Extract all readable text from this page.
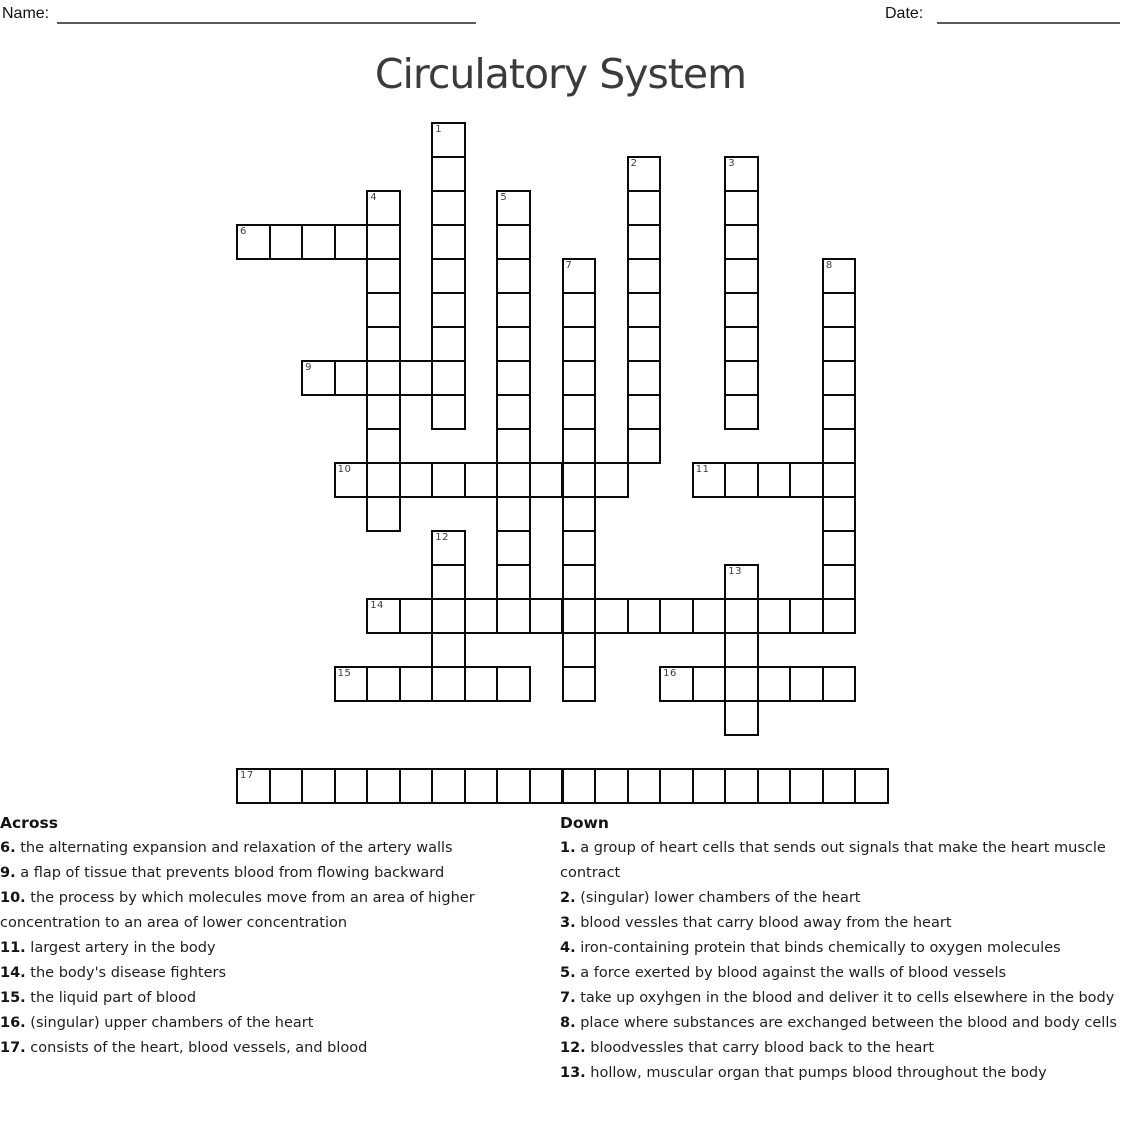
Name:	Date:
Circulatory System
1
2	3
4	5
6
7	8
9
10	11
12
13
14
15	16
17
Across

6. the alternating expansion and relaxation of the artery walls

9. a flap of tissue that prevents blood from flowing backward

10. the process by which molecules move from an area of higher concentration to an area of lower concentration

11. largest artery in the body

14. the body's disease fighters

15. the liquid part of blood

16. (singular) upper chambers of the heart

17. consists of the heart, blood vessels, and blood

Down

1. a group of heart cells that sends out signals that make the heart muscle contract

2. (singular) lower chambers of the heart

3. blood vessles that carry blood away from the heart

4. iron-containing protein that binds chemically to oxygen molecules

5. a force exerted by blood against the walls of blood vessels

7. take up oxyhgen in the blood and deliver it to cells elsewhere in the body

8. place where substances are exchanged between the blood and body cells

12. bloodvessles that carry blood back to the heart

13. hollow, muscular organ that pumps blood throughout the body
